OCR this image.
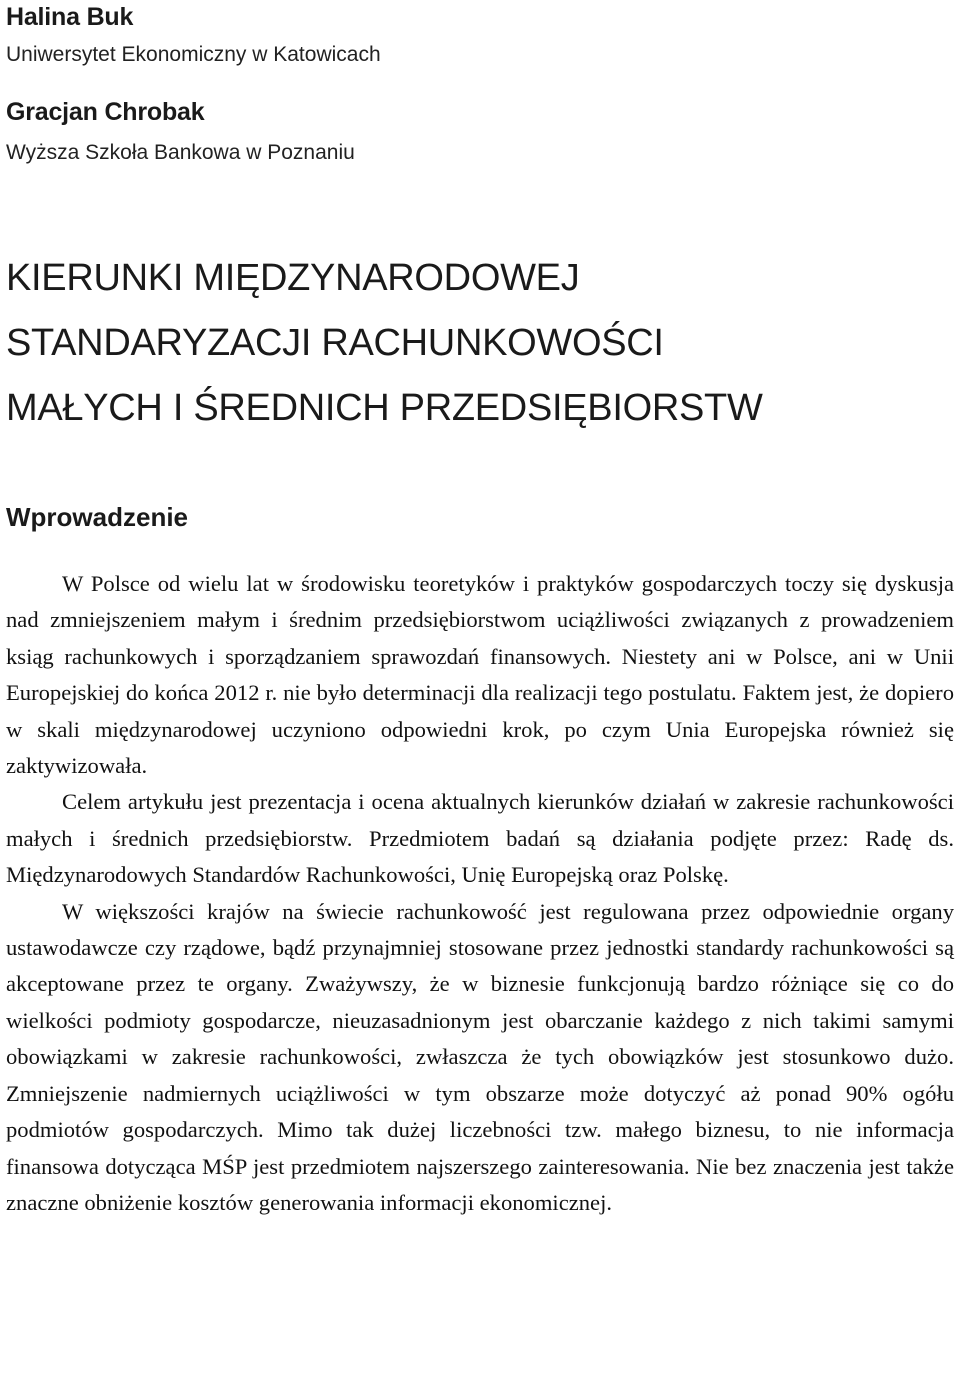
Halina Buk
Uniwersytet Ekonomiczny w Katowicach
Gracjan Chrobak
Wyższa Szkoła Bankowa w Poznaniu
KIERUNKI MIĘDZYNARODOWEJ
STANDARYZACJI RACHUNKOWOŚCI
MAŁYCH I ŚREDNICH PRZEDSIĘBIORSTW
Wprowadzenie

W Polsce od wielu lat w środowisku teoretyków i praktyków gospodarczych toczy się dyskusja nad zmniejszeniem małym i średnim przedsiębiorstwom uciążliwości związanych z prowadzeniem ksiąg rachunkowych i sporządzaniem sprawozdań finansowych. Niestety ani w Polsce, ani w Unii Europejskiej do końca 2012 r. nie było determinacji dla realizacji tego postulatu. Faktem jest, że dopiero w skali międzynarodowej uczyniono odpowiedni krok, po czym Unia Europejska również się zaktywizowała.

Celem artykułu jest prezentacja i ocena aktualnych kierunków działań w zakresie rachunkowości małych i średnich przedsiębiorstw. Przedmiotem badań są działania podjęte przez: Radę ds. Międzynarodowych Standardów Rachunkowości, Unię Europejską oraz Polskę.

W większości krajów na świecie rachunkowość jest regulowana przez odpowiednie organy ustawodawcze czy rządowe, bądź przynajmniej stosowane przez jednostki standardy rachunkowości są akceptowane przez te organy. Zważywszy, że w biznesie funkcjonują bardzo różniące się co do wielkości podmioty gospodarcze, nieuzasadnionym jest obarczanie każdego z nich takimi samymi obowiązkami w zakresie rachunkowości, zwłaszcza że tych obowiązków jest stosunkowo dużo. Zmniejszenie nadmiernych uciążliwości w tym obszarze może dotyczyć aż ponad 90% ogółu podmiotów gospodarczych. Mimo tak dużej liczebności tzw. małego biznesu, to nie informacja finansowa dotycząca MŚP jest przedmiotem najszerszego zainteresowania. Nie bez znaczenia jest także znaczne obniżenie kosztów generowania informacji ekonomicznej.
